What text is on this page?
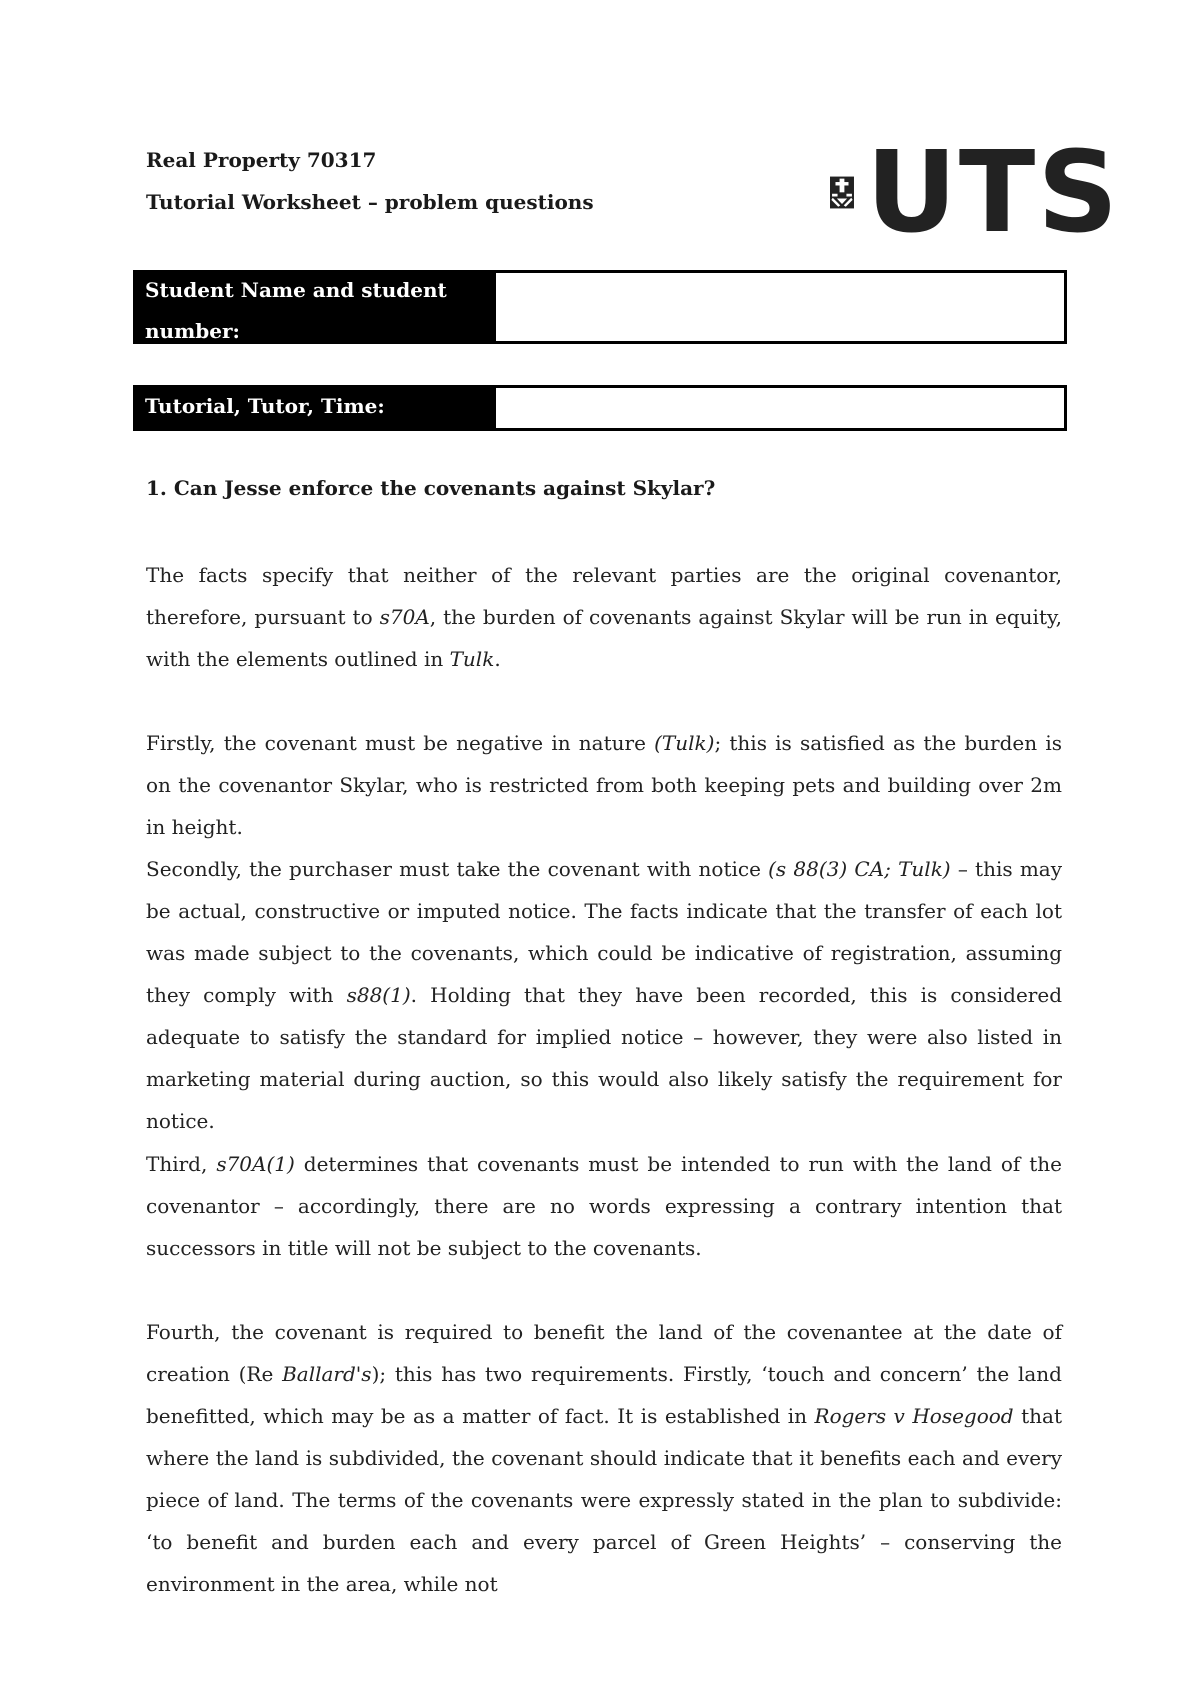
Real Property 70317
Tutorial Worksheet – problem questions UTS
Student Name and student
number:
Tutorial, Tutor, Time:
1. Can Jesse enforce the covenants against Skylar?

The facts specify that neither of the relevant parties are the original covenantor, therefore, pursuant to s70A, the burden of covenants against Skylar will be run in equity, with the elements outlined in Tulk.

Firstly, the covenant must be negative in nature (Tulk); this is satisfied as the burden is on the covenantor Skylar, who is restricted from both keeping pets and building over 2m in height.

Secondly, the purchaser must take the covenant with notice (s 88(3) CA; Tulk) – this may be actual, constructive or imputed notice. The facts indicate that the transfer of each lot was made subject to the covenants, which could be indicative of registration, assuming they comply with s88(1). Holding that they have been recorded, this is considered adequate to satisfy the standard for implied notice – however, they were also listed in marketing material during auction, so this would also likely satisfy the requirement for notice.

Third, s70A(1) determines that covenants must be intended to run with the land of the covenantor – accordingly, there are no words expressing a contrary intention that successors in title will not be subject to the covenants.

Fourth, the covenant is required to benefit the land of the covenantee at the date of creation (Re Ballard's); this has two requirements. Firstly, ‘touch and concern’ the land benefitted, which may be as a matter of fact. It is established in Rogers v Hosegood that where the land is subdivided, the covenant should indicate that it benefits each and every piece of land. The terms of the covenants were expressly stated in the plan to subdivide: ‘to benefit and burden each and every parcel of Green Heights’ – conserving the environment in the area, while not
